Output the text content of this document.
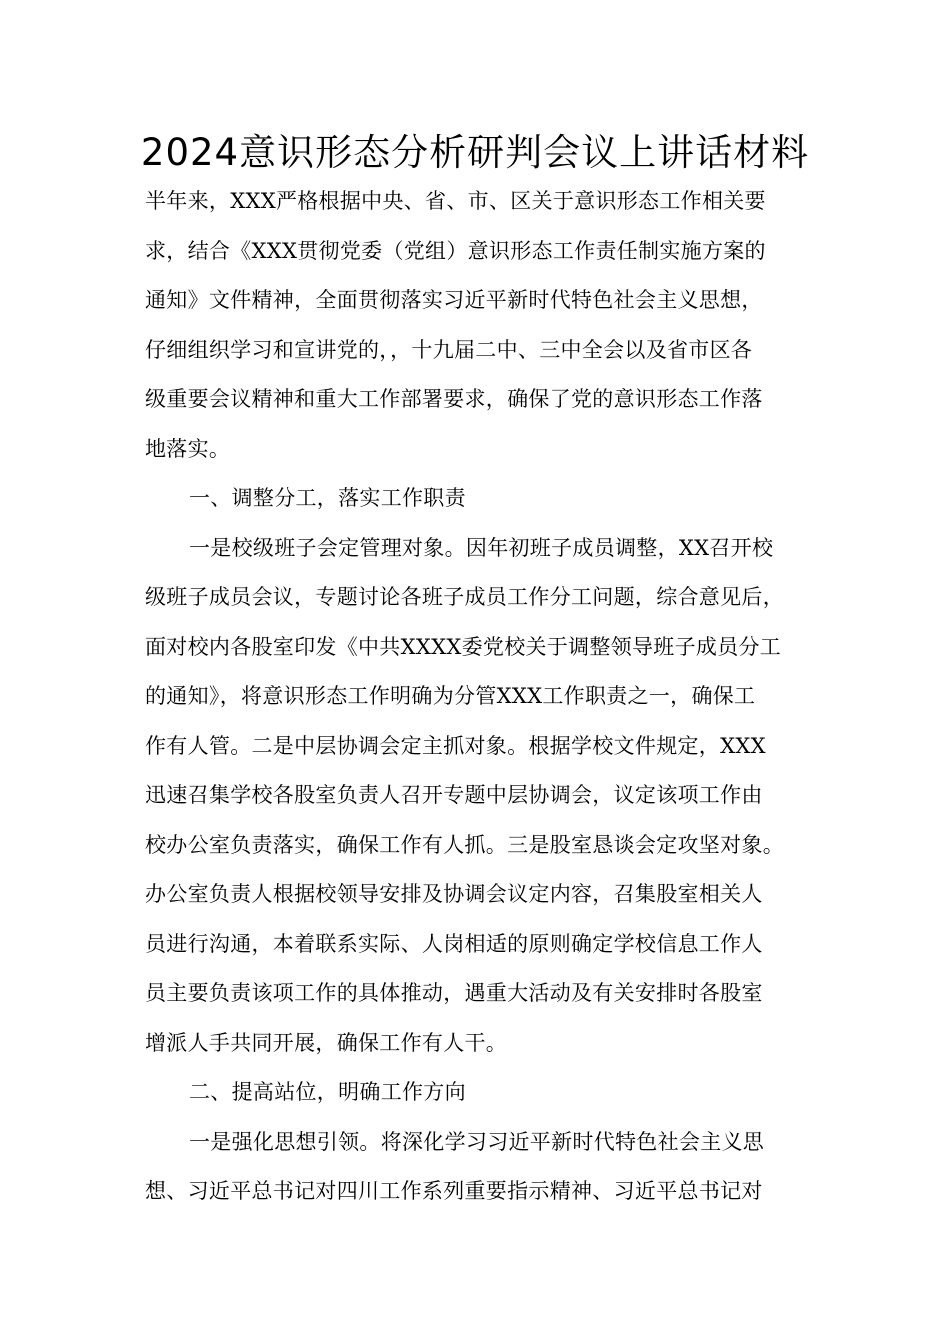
2024意识形态分析研判会议上讲话材料
半年来，XXX严格根据中央、省、市、区关于意识形态工作相关要
求，结合《XXX贯彻党委（党组）意识形态工作责任制实施方案的
通知》文件精神，全面贯彻落实习近平新时代特色社会主义思想，
仔细组织学习和宣讲党的，，十九届二中、三中全会以及省市区各
级重要会议精神和重大工作部署要求，确保了党的意识形态工作落
地落实。
一、调整分工，落实工作职责
一是校级班子会定管理对象。因年初班子成员调整，XX召开校
级班子成员会议，专题讨论各班子成员工作分工问题，综合意见后，
面对校内各股室印发《中共XXXX委党校关于调整领导班子成员分工
的通知》，将意识形态工作明确为分管XXX工作职责之一，确保工
作有人管。二是中层协调会定主抓对象。根据学校文件规定，XXX
迅速召集学校各股室负责人召开专题中层协调会，议定该项工作由
校办公室负责落实，确保工作有人抓。三是股室恳谈会定攻坚对象。
办公室负责人根据校领导安排及协调会议定内容，召集股室相关人
员进行沟通，本着联系实际、人岗相适的原则确定学校信息工作人
员主要负责该项工作的具体推动，遇重大活动及有关安排时各股室
增派人手共同开展，确保工作有人干。
二、提高站位，明确工作方向
一是强化思想引领。将深化学习习近平新时代特色社会主义思
想、习近平总书记对四川工作系列重要指示精神、习近平总书记对
